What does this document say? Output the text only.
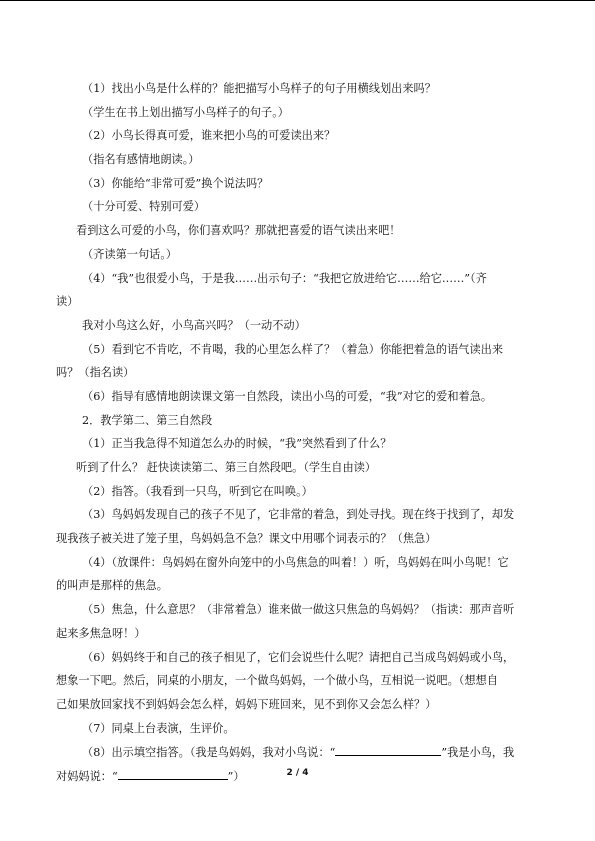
（1）找出小鸟是什么样的？能把描写小鸟样子的句子用横线划出来吗？
（学生在书上划出描写小鸟样子的句子。）
（2）小鸟长得真可爱，谁来把小鸟的可爱读出来？
（指名有感情地朗读。）
（3）你能给“非常可爱”换个说法吗？
（十分可爱、特别可爱）
看到这么可爱的小鸟，你们喜欢吗？那就把喜爱的语气读出来吧！
（齐读第一句话。）
（4）“我”也很爱小鸟，于是我……出示句子：“我把它放进给它……给它……”（齐
读）
我对小鸟这么好，小鸟高兴吗？（一动不动）
（5）看到它不肯吃，不肯喝，我的心里怎么样了？（着急）你能把着急的语气读出来
吗？（指名读）
（6）指导有感情地朗读课文第一自然段，读出小鸟的可爱，“我”对它的爱和着急。
2．教学第二、第三自然段
（1）正当我急得不知道怎么办的时候，“我”突然看到了什么？
听到了什么？ 赶快读读第二、第三自然段吧。（学生自由读）
（2）指答。（我看到一只鸟，听到它在叫唤。）
（3）鸟妈妈发现自己的孩子不见了，它非常的着急，到处寻找。现在终于找到了，却发
现我孩子被关进了笼子里，鸟妈妈急不急？课文中用哪个词表示的？（焦急）
（4）（放课件：鸟妈妈在窗外向笼中的小鸟焦急的叫着！）听，鸟妈妈在叫小鸟呢！它
的叫声是那样的焦急。
（5）焦急，什么意思？（非常着急）谁来做一做这只焦急的鸟妈妈？（指读：那声音听
起来多焦急呀！）
（6）妈妈终于和自己的孩子相见了，它们会说些什么呢？请把自己当成鸟妈妈或小鸟，
想象一下吧。然后，同桌的小朋友，一个做鸟妈妈，一个做小鸟，互相说一说吧。（想想自
己如果放回家找不到妈妈会怎么样，妈妈下班回来，见不到你又会怎么样？）
（7）同桌上台表演，生评价。
（8）出示填空指答。（我是鸟妈妈，我对小鸟说：“	”我是小鸟，我
对妈妈说：“	”）	2 / 4
